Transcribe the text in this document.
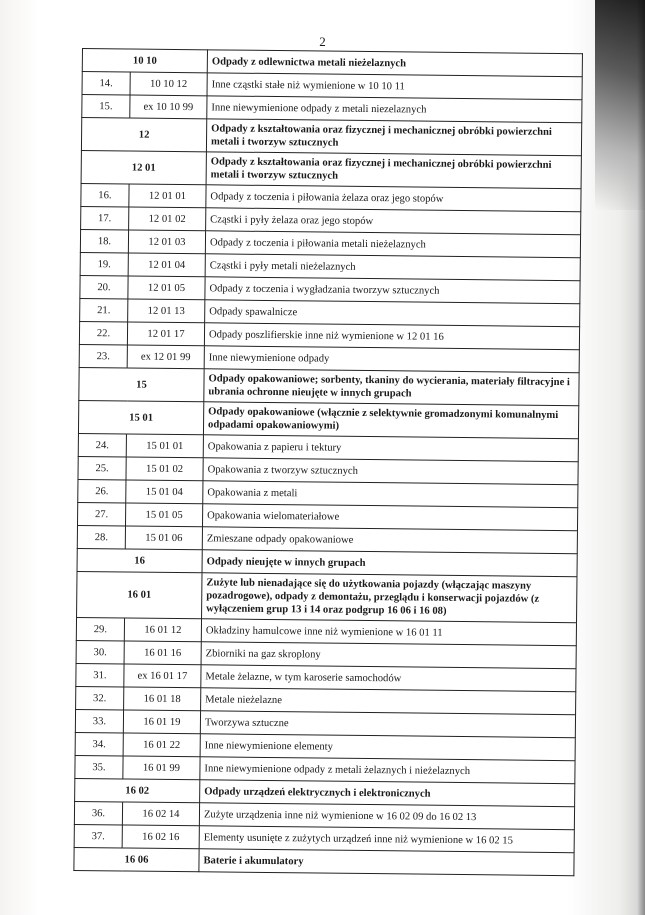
2
10 10		Odpady z odlewnictwa metali nieżelaznych
14.	10 10 12	Inne cząstki stałe niż wymienione w 10 10 11
15.	ex 10 10 99	Inne niewymienione odpady z metali niezelaznych
12		Odpady z kształtowania oraz fizycznej i mechanicznej obróbki powierzchni metali i tworzyw sztucznych
12 01		Odpady z kształtowania oraz fizycznej i mechanicznej obróbki powierzchni metali i tworzyw sztucznych
16.	12 01 01	Odpady z toczenia i piłowania żelaza oraz jego stopów
17.	12 01 02	Cząstki i pyły żelaza oraz jego stopów
18.	12 01 03	Odpady z toczenia i piłowania metali nieżelaznych
19.	12 01 04	Cząstki i pyły metali nieżelaznych
20.	12 01 05	Odpady z toczenia i wygładzania tworzyw sztucznych
21.	12 01 13	Odpady spawalnicze
22.	12 01 17	Odpady poszlifierskie inne niż wymienione w 12 01 16
23.	ex 12 01 99	Inne niewymienione odpady
15		Odpady opakowaniowe; sorbenty, tkaniny do wycierania, materiały filtracyjne i ubrania ochronne nieujęte w innych grupach
15 01		Odpady opakowaniowe (włącznie z selektywnie gromadzonymi komunalnymi odpadami opakowaniowymi)
24.	15 01 01	Opakowania z papieru i tektury
25.	15 01 02	Opakowania z tworzyw sztucznych
26.	15 01 04	Opakowania z metali
27.	15 01 05	Opakowania wielomateriałowe
28.	15 01 06	Zmieszane odpady opakowaniowe
16		Odpady nieujęte w innych grupach
16 01		Zużyte lub nienadające się do użytkowania pojazdy (włączając maszyny pozadrogowe), odpady z demontażu, przeglądu i konserwacji pojazdów (z wyłączeniem grup 13 i 14 oraz podgrup 16 06 i 16 08)
29.	16 01 12	Okładziny hamulcowe inne niż wymienione w 16 01 11
30.	16 01 16	Zbiorniki na gaz skroplony
31.	ex 16 01 17	Metale żelazne, w tym karoserie samochodów
32.	16 01 18	Metale nieżelazne
33.	16 01 19	Tworzywa sztuczne
34.	16 01 22	Inne niewymienione elementy
35.	16 01 99	Inne niewymienione odpady z metali żelaznych i nieżelaznych
16 02		Odpady urządzeń elektrycznych i elektronicznych
36.	16 02 14	Zużyte urządzenia inne niż wymienione w 16 02 09 do 16 02 13
37.	16 02 16	Elementy usunięte z zużytych urządzeń inne niż wymienione w 16 02 15
16 06		Baterie i akumulatory
